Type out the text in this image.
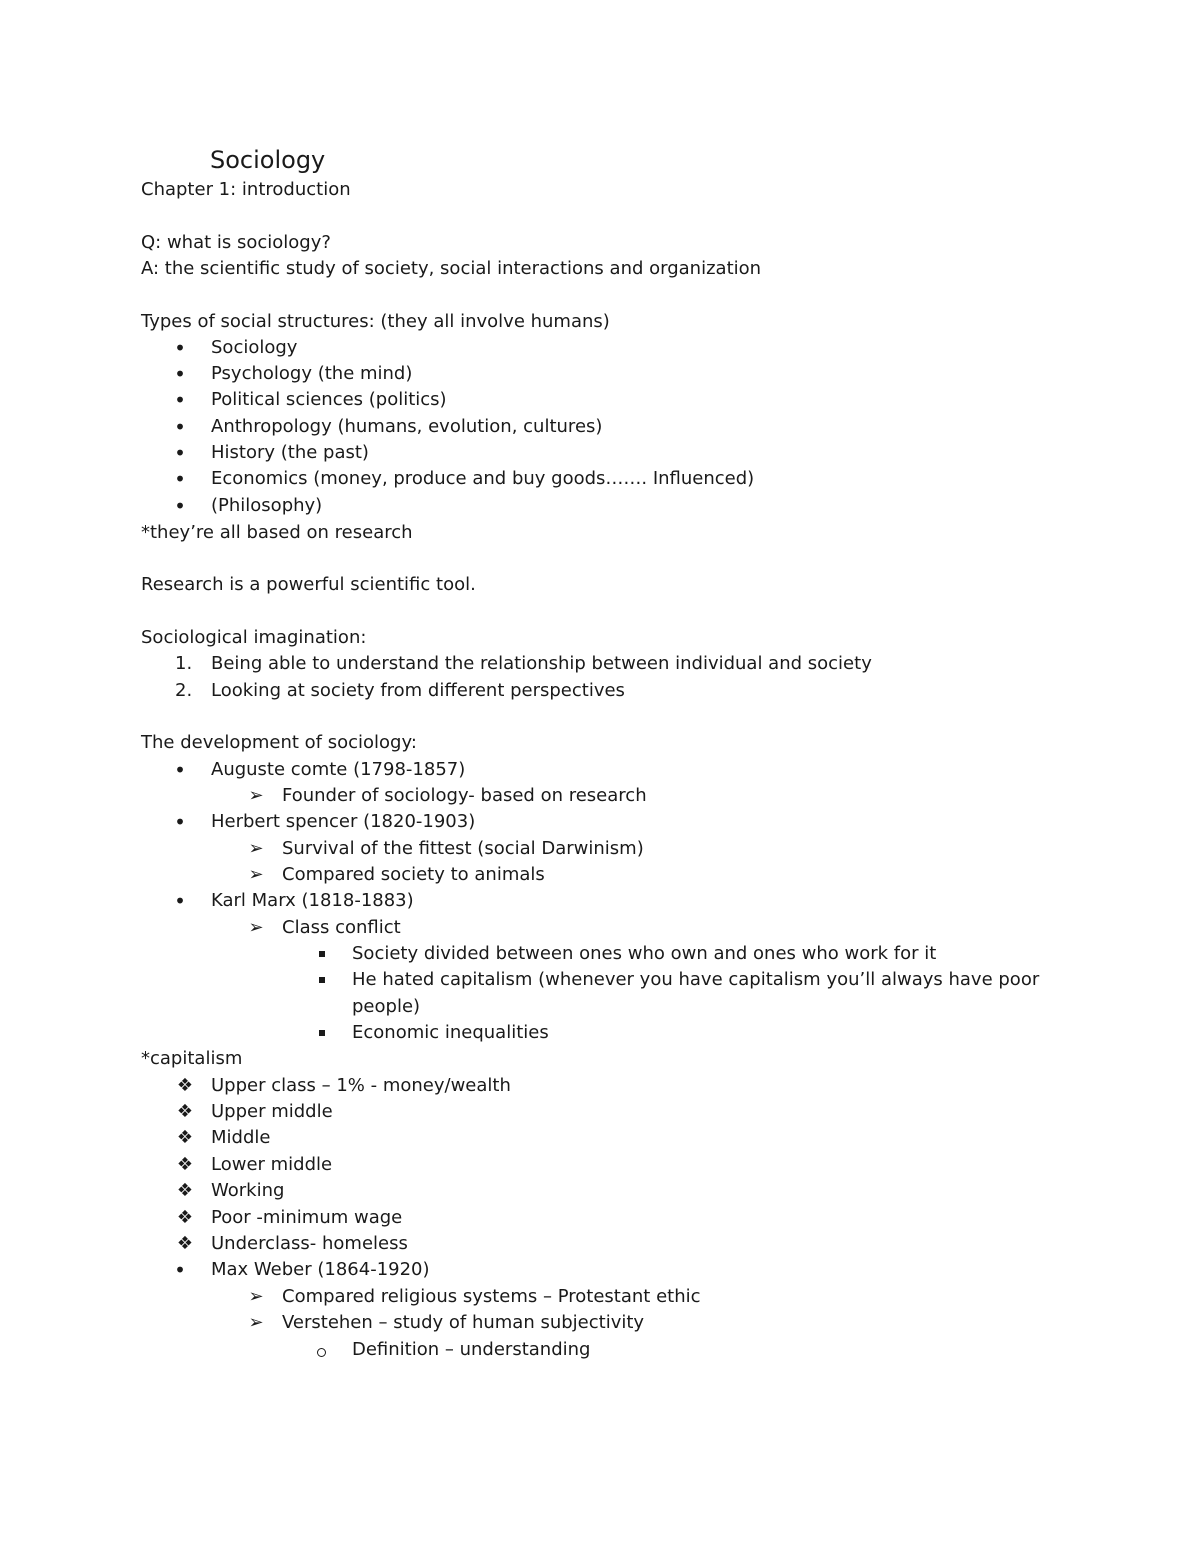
Sociology
Chapter 1: introduction
Q: what is sociology?
A: the scientific study of society, social interactions and organization
Types of social structures: (they all involve humans)
•	Sociology
•	Psychology (the mind)
•	Political sciences (politics)
•	Anthropology (humans, evolution, cultures)
•	History (the past)
•	Economics (money, produce and buy goods……. Influenced)
•	(Philosophy)
*they’re all based on research
Research is a powerful scientific tool.
Sociological imagination:
1. Being able to understand the relationship between individual and society
2. Looking at society from different perspectives
The development of sociology:
•	Auguste comte (1798-1857)
➢ Founder of sociology- based on research
•	Herbert spencer (1820-1903)
➢ Survival of the fittest (social Darwinism)
➢ Compared society to animals
•	Karl Marx (1818-1883)
➢ Class conflict
Society divided between ones who own and ones who work for it
He hated capitalism (whenever you have capitalism you’ll always have poor
people)
Economic inequalities
*capitalism
❖ Upper class – 1% - money/wealth
❖ Upper middle
❖ Middle
❖ Lower middle
❖ Working
❖ Poor -minimum wage
❖ Underclass- homeless
•	Max Weber (1864-1920)
➢ Compared religious systems – Protestant ethic
➢ Verstehen – study of human subjectivity
Definition – understanding
